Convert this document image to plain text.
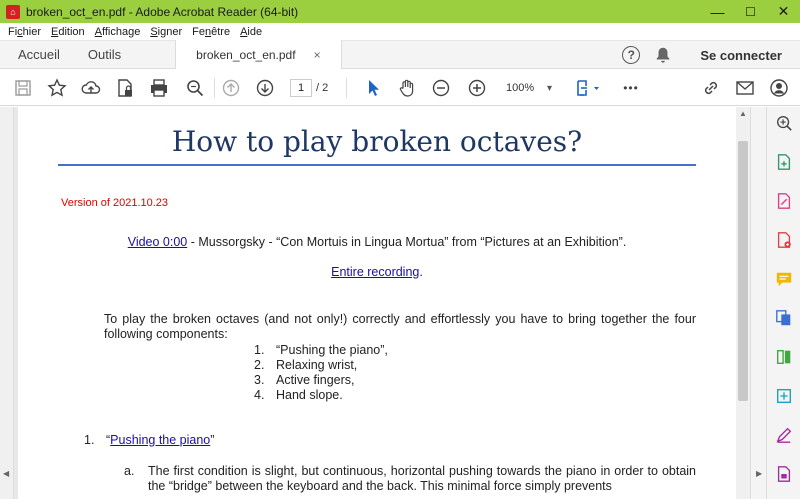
⌂ broken_oct_en.pdf - Adobe Acrobat Reader (64-bit)	—	☐	✕
Fichier Edition Affichage Signer Fenêtre Aide
Accueil	Outils	broken_oct_en.pdf ×	?	Se connecter
1	/ 2	100% ▾	•••
◀
How to play broken octaves?
Version of 2021.10.23
Video 0:00 - Mussorgsky - “Con Mortuis in Lingua Mortua” from “Pictures at an Exhibition”.
Entire recording.
To play the broken octaves (and not only!) correctly and effortlessly you have to bring together the four following components:
1. “Pushing the piano”,
2. Relaxing wrist,
3. Active fingers,
4. Hand slope.
1. “Pushing the piano”
a. The first condition is slight, but continuous, horizontal pushing towards the piano in order to obtain the “bridge” between the keyboard and the back. This minimal force simply prevents
▲
▶
